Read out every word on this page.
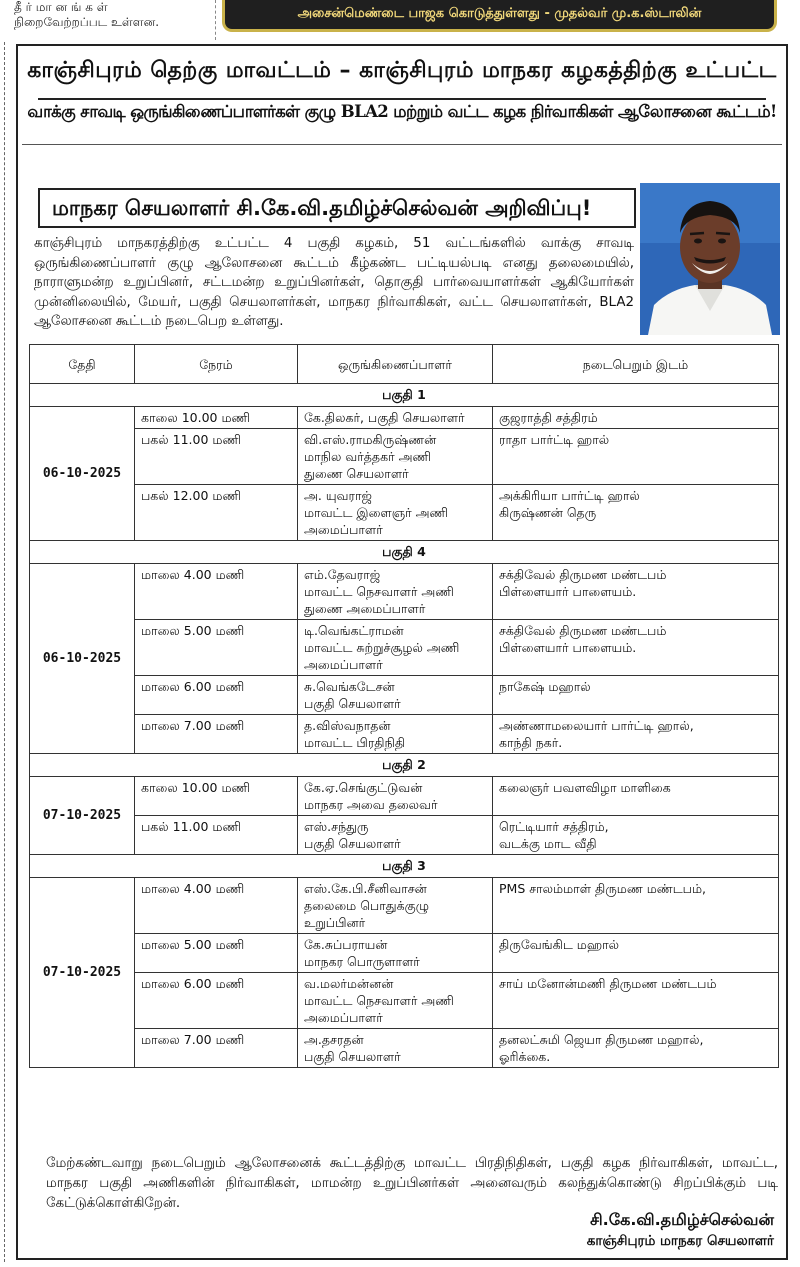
தீ ர் மா ன ங் க ள்
நிறைவேற்றப்பட உள்ளன.
அசைன்மெண்டை பாஜக கொடுத்துள்ளது - முதல்வர் மு.க.ஸ்டாலின்
காஞ்சிபுரம் தெற்கு மாவட்டம் – காஞ்சிபுரம் மாநகர கழகத்திற்கு உட்பட்ட
வாக்கு சாவடி ஒருங்கிணைப்பாளர்கள் குழு BLA2 மற்றும் வட்ட கழக நிர்வாகிகள் ஆலோசனை கூட்டம்!
மாநகர செயலாளர் சி.கே.வி.தமிழ்ச்செல்வன் அறிவிப்பு!
காஞ்சிபுரம் மாநகரத்திற்கு உட்பட்ட 4 பகுதி கழகம், 51 வட்டங்களில் வாக்கு சாவடி ஒருங்கிணைப்பாளர் குழு ஆலோசனை கூட்டம் கீழ்கண்ட பட்டியல்படி எனது தலைமையில், நாராளுமன்ற உறுப்பினர், சட்டமன்ற உறுப்பினர்கள், தொகுதி பார்வையாளர்கள் ஆகியோர்கள் முன்னிலையில், மேயர், பகுதி செயலாளர்கள், மாநகர நிர்வாகிகள், வட்ட செயலாளர்கள், BLA2 ஆலோசனை கூட்டம் நடைபெற உள்ளது.
தேதி	நேரம்	ஒருங்கிணைப்பாளர்	நடைபெறும் இடம்
பகுதி 1			
06-10-2025	காலை 10.00 மணி	கே.திலகர், பகுதி செயலாளர்	குஜராத்தி சத்திரம்

	பகல் 11.00 மணி	வி.எஸ்.ராமகிருஷ்ணன்
மாநில வர்த்தகர் அணி
துணை செயலாளர்	ராதா பார்ட்டி ஹால்

	பகல் 12.00 மணி	அ. யுவராஜ்
மாவட்ட இளைஞர் அணி
அமைப்பாளர்	அக்கிரியா பார்ட்டி ஹால்
கிருஷ்ணன் தெரு

பகுதி 4			
06-10-2025	மாலை 4.00 மணி	எம்.தேவராஜ்
மாவட்ட நெசவாளர் அணி
துணை அமைப்பாளர்	சக்திவேல் திருமண மண்டபம்
பிள்ளையார் பாளையம்.

	மாலை 5.00 மணி	டி.வெங்கட்ராமன்
மாவட்ட சுற்றுச்சூழல் அணி
அமைப்பாளர்	சக்திவேல் திருமண மண்டபம்
பிள்ளையார் பாளையம்.

	மாலை 6.00 மணி	சு.வெங்கடேசன்
பகுதி செயலாளர்	நாகேஷ் மஹால்

	மாலை 7.00 மணி	த.விஸ்வநாதன்
மாவட்ட பிரதிநிதி	அண்ணாமலையார் பார்ட்டி ஹால்,
காந்தி நகர்.

பகுதி 2			
07-10-2025	காலை 10.00 மணி	கே.ஏ.செங்குட்டுவன்
மாநகர அவை தலைவர்	கலைஞர் பவளவிழா மாளிகை

	பகல் 11.00 மணி	எஸ்.சந்துரு
பகுதி செயலாளர்	ரெட்டியார் சத்திரம்,
வடக்கு மாட வீதி

பகுதி 3			
07-10-2025	மாலை 4.00 மணி	எஸ்.கே.பி.சீனிவாசன்
தலைமை பொதுக்குழு
உறுப்பினர்	PMS சாலம்மாள் திருமண மண்டபம்,

	மாலை 5.00 மணி	கே.சுப்பராயன்
மாநகர பொருளாளர்	திருவேங்கிட மஹால்

	மாலை 6.00 மணி	வ.மலர்மன்னன்
மாவட்ட நெசவாளர் அணி
அமைப்பாளர்	சாய் மனோன்மணி திருமண மண்டபம்

	மாலை 7.00 மணி	அ.தசரதன்
பகுதி செயலாளர்	தனலட்சுமி ஜெயா திருமண மஹால்,
ஓரிக்கை.
மேற்கண்டவாறு நடைபெறும் ஆலோசனைக் கூட்டத்திற்கு மாவட்ட பிரதிநிதிகள், பகுதி கழக நிர்வாகிகள், மாவட்ட, மாநகர பகுதி அணிகளின் நிர்வாகிகள், மாமன்ற உறுப்பினர்கள் அனைவரும் கலந்துக்கொண்டு சிறப்பிக்கும் படி கேட்டுக்கொள்கிறேன்.
சி.கே.வி.தமிழ்ச்செல்வன்
காஞ்சிபுரம் மாநகர செயலாளர்
